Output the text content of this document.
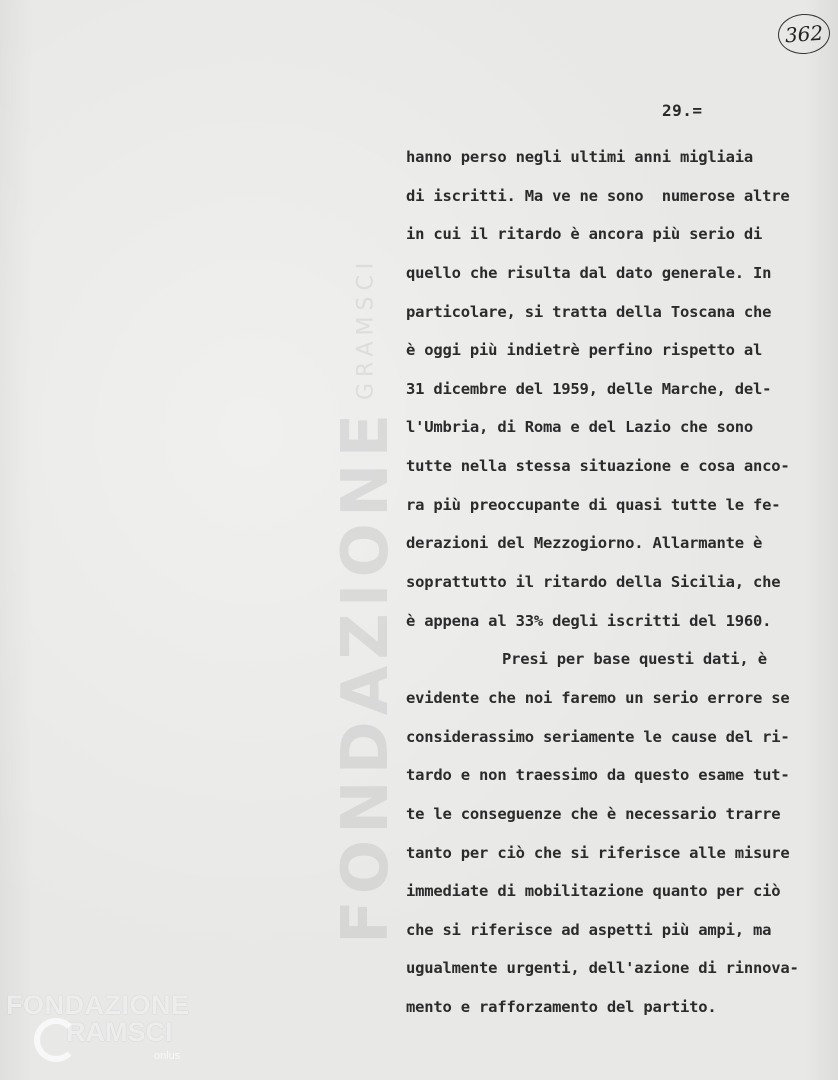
362
29.=
FONDAZIONE
GRAMSCI
hanno perso negli ultimi anni migliaia
di iscritti. Ma ve ne sono  numerose altre
in cui il ritardo è ancora più serio di
quello che risulta dal dato generale. In
particolare, si tratta della Toscana che
è oggi più indietrè perfino rispetto al
31 dicembre del 1959, delle Marche, del-
l'Umbria, di Roma e del Lazio che sono
tutte nella stessa situazione e cosa anco-
ra più preoccupante di quasi tutte le fe-
derazioni del Mezzogiorno. Allarmante è
soprattutto il ritardo della Sicilia, che
è appena al 33% degli iscritti del 1960.
Presi per base questi dati, è
evidente che noi faremo un serio errore se
considerassimo seriamente le cause del ri-
tardo e non traessimo da questo esame tut-
te le conseguenze che è necessario trarre
tanto per ciò che si riferisce alle misure
immediate di mobilitazione quanto per ciò
che si riferisce ad aspetti più ampi, ma
ugualmente urgenti, dell'azione di rinnova-
mento e rafforzamento del partito.
FONDAZIONE
RAMSCI
onlus
